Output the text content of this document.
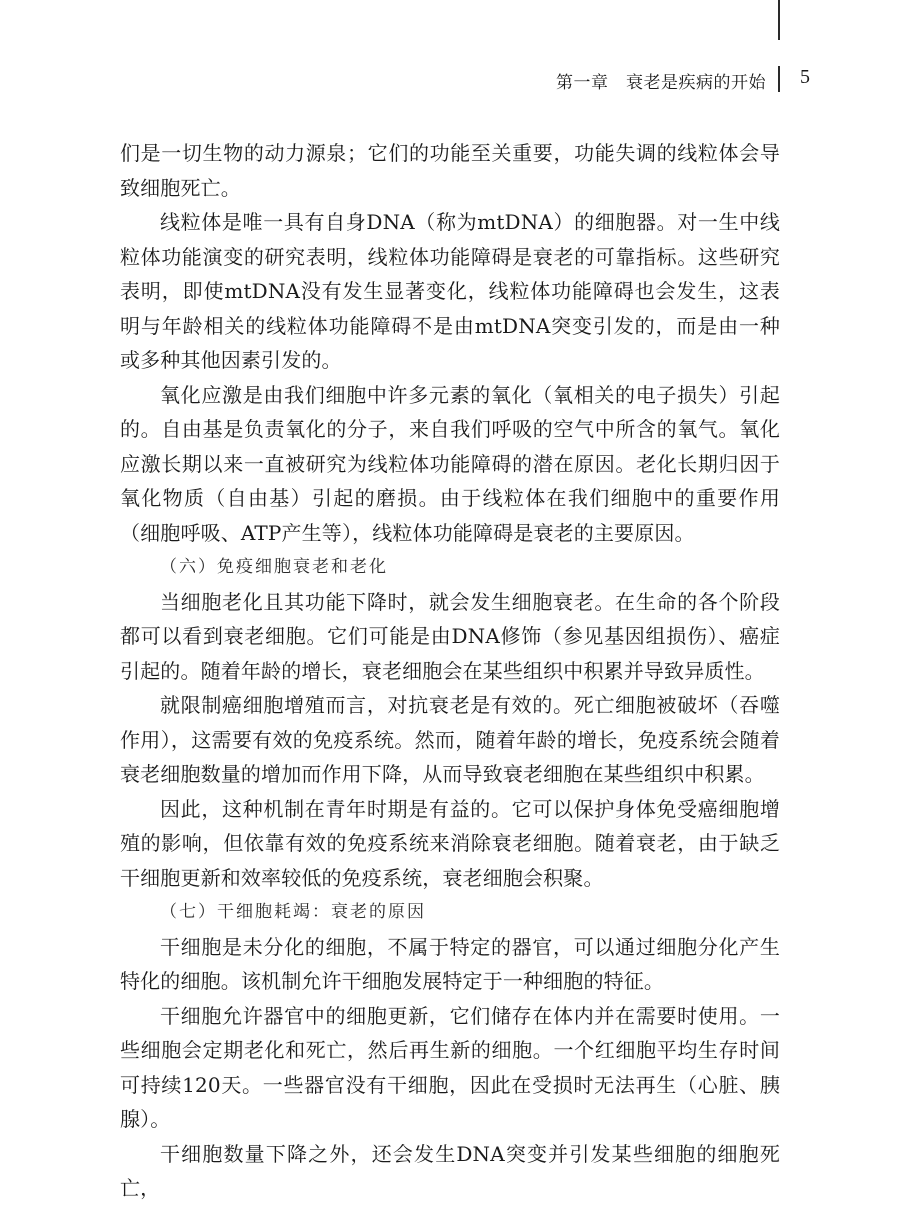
第一章　衰老是疾病的开始 5

们是一切生物的动力源泉；它们的功能至关重要，功能失调的线粒体会导致细胞死亡。

线粒体是唯一具有自身DNA（称为mtDNA）的细胞器。对一生中线粒体功能演变的研究表明，线粒体功能障碍是衰老的可靠指标。这些研究表明，即使mtDNA没有发生显著变化，线粒体功能障碍也会发生，这表明与年龄相关的线粒体功能障碍不是由mtDNA突变引发的，而是由一种或多种其他因素引发的。

氧化应激是由我们细胞中许多元素的氧化（氧相关的电子损失）引起的。自由基是负责氧化的分子，来自我们呼吸的空气中所含的氧气。氧化应激长期以来一直被研究为线粒体功能障碍的潜在原因。老化长期归因于氧化物质（自由基）引起的磨损。由于线粒体在我们细胞中的重要作用（细胞呼吸、ATP产生等），线粒体功能障碍是衰老的主要原因。

（六）免疫细胞衰老和老化

当细胞老化且其功能下降时，就会发生细胞衰老。在生命的各个阶段都可以看到衰老细胞。它们可能是由DNA修饰（参见基因组损伤）、癌症引起的。随着年龄的增长，衰老细胞会在某些组织中积累并导致异质性。

就限制癌细胞增殖而言，对抗衰老是有效的。死亡细胞被破坏（吞噬作用），这需要有效的免疫系统。然而，随着年龄的增长，免疫系统会随着衰老细胞数量的增加而作用下降，从而导致衰老细胞在某些组织中积累。

因此，这种机制在青年时期是有益的。它可以保护身体免受癌细胞增殖的影响，但依靠有效的免疫系统来消除衰老细胞。随着衰老，由于缺乏干细胞更新和效率较低的免疫系统，衰老细胞会积聚。

（七）干细胞耗竭：衰老的原因

干细胞是未分化的细胞，不属于特定的器官，可以通过细胞分化产生特化的细胞。该机制允许干细胞发展特定于一种细胞的特征。

干细胞允许器官中的细胞更新，它们储存在体内并在需要时使用。一些细胞会定期老化和死亡，然后再生新的细胞。一个红细胞平均生存时间可持续120天。一些器官没有干细胞，因此在受损时无法再生（心脏、胰腺）。

干细胞数量下降之外，还会发生DNA突变并引发某些细胞的细胞死亡，
